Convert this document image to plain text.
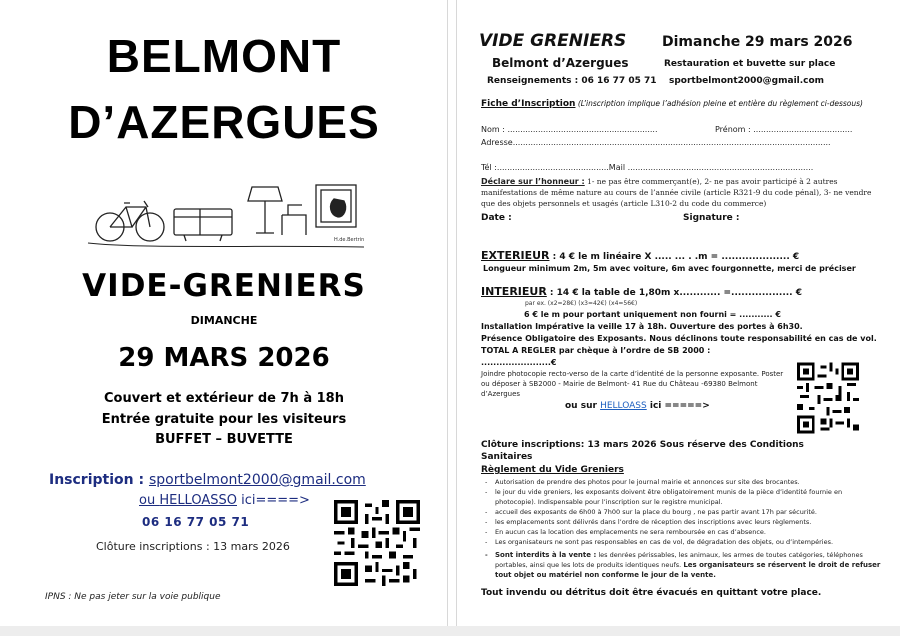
BELMONT
D’AZERGUES
H.de.Bertrin
VIDE-GRENIERS
DIMANCHE
29 MARS 2026
Couvert et extérieur de 7h à 18h
Entrée gratuite pour les visiteurs
BUFFET – BUVETTE
Inscription : sportbelmont2000@gmail.com
ou HELLOASSO ici====>
06 16 77 05 71
Clôture inscriptions : 13 mars 2026
IPNS : Ne pas jeter sur la voie publique
VIDE GRENIERS	Dimanche 29 mars 2026
Belmont d’Azergues	Restauration et buvette sur place
Renseignements : 06 16 77 05 71 sportbelmont2000@gmail.com
Fiche d’Inscription (L’inscription implique l’adhésion pleine et entière du règlement ci-dessous)
Nom : ...........................................................	Prénom : .......................................
Adresse.............................................................................................................................
Tél :............................................Mail .........................................................................
Déclare sur l’honneur : 1- ne pas être commerçant(e), 2- ne pas avoir participé à 2 autres manifestations de même nature au cours de l’année civile (article R321-9 du code pénal), 3- ne vendre que des objets personnels et usagés (article L310-2 du code du commerce)
Date :	Signature :
EXTERIEUR : 4 € le m linéaire X ..... ... . .m = .................... €
Longueur minimum 2m, 5m avec voiture, 6m avec fourgonnette, merci de préciser
INTERIEUR : 14 € la table de 1,80m x............ =.................. €
par ex. (x2=28€) (x3=42€) (x4=56€)
6 € le m pour portant uniquement non fourni = ........... €
Installation Impérative la veille 17 à 18h. Ouverture des portes à 6h30.
Présence Obligatoire des Exposants. Nous déclinons toute responsabilité en cas de vol.
TOTAL A REGLER par chèque à l’ordre de SB 2000 :
.......................€
Joindre photocopie recto-verso de la carte d’identité de la personne exposante. Poster ou déposer à SB2000 - Mairie de Belmont- 41 Rue du Château -69380 Belmont d’Azergues
ou sur HELLOASS ici =====>
Clôture inscriptions: 13 mars 2026 Sous réserve des Conditions Sanitaires
Règlement du Vide Greniers
- Autorisation de prendre des photos pour le journal mairie et annonces sur site des brocantes.
- le jour du vide greniers, les exposants doivent être obligatoirement munis de la pièce d’identité fournie en photocopie). Indispensable pour l’inscription sur le registre municipal.
- accueil des exposants de 6h00 à 7h00 sur la place du bourg , ne pas partir avant 17h par sécurité.
- les emplacements sont délivrés dans l’ordre de réception des inscriptions avec leurs règlements.
- En aucun cas la location des emplacements ne sera remboursée en cas d’absence.
- Les organisateurs ne sont pas responsables en cas de vol, de dégradation des objets, ou d’intempéries.
- Sont interdits à la vente : les denrées périssables, les animaux, les armes de toutes catégories, téléphones portables, ainsi que les lots de produits identiques neufs. Les organisateurs se réservent le droit de refuser tout objet ou matériel non conforme le jour de la vente.
Tout invendu ou détritus doit être évacués en quittant votre place.
